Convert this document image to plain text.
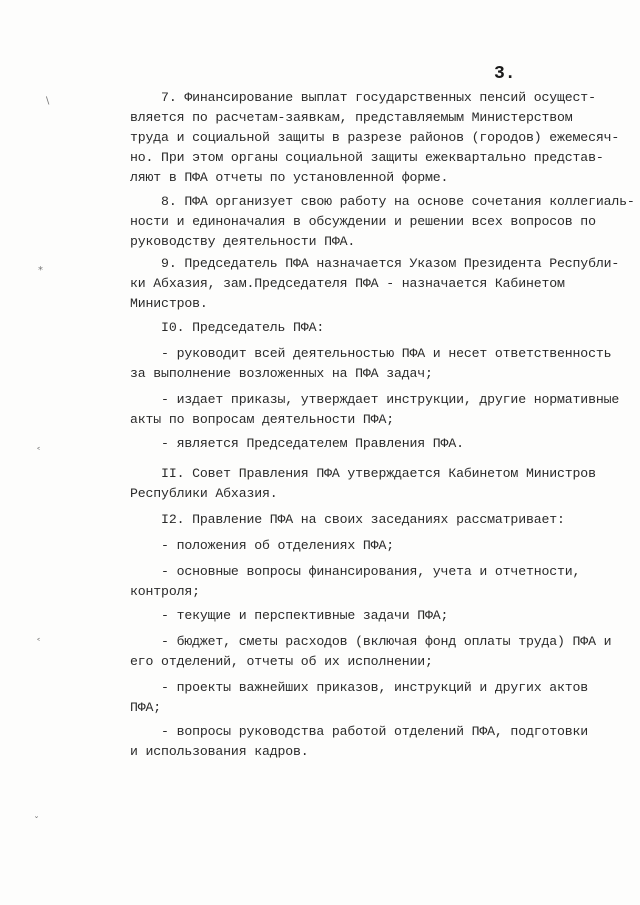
3.
∖
⁎
˂
˂
ˇ
7. Финансирование выплат государственных пенсий осущест-
вляется по расчетам-заявкам, представляемым Министерством
труда и социальной защиты в разрезе районов (городов) ежемесяч-
но. При этом органы социальной защиты ежеквартально представ-
ляют в ПФА отчеты по установленной форме.
8. ПФА организует свою работу на основе сочетания коллегиаль-
ности и единоначалия в обсуждении и решении всех вопросов по
руководству деятельности ПФА.
9. Председатель ПФА назначается Указом Президента Республи-
ки Абхазия, зам.Председателя ПФА - назначается Кабинетом
Министров.
I0. Председатель ПФА:
- руководит всей деятельностью ПФА и несет ответственность
за выполнение возложенных на ПФА задач;
- издает приказы, утверждает инструкции, другие нормативные
акты по вопросам деятельности ПФА;
- является Председателем Правления ПФА.
II. Совет Правления ПФА утверждается Кабинетом Министров
Республики Абхазия.
I2. Правление ПФА на своих заседаниях рассматривает:
- положения об отделениях ПФА;
- основные вопросы финансирования, учета и отчетности,
контроля;
- текущие и перспективные задачи ПФА;
- бюджет, сметы расходов (включая фонд оплаты труда) ПФА и
его отделений, отчеты об их исполнении;
- проекты важнейших приказов, инструкций и других актов
ПФА;
- вопросы руководства работой отделений ПФА, подготовки
и использования кадров.
